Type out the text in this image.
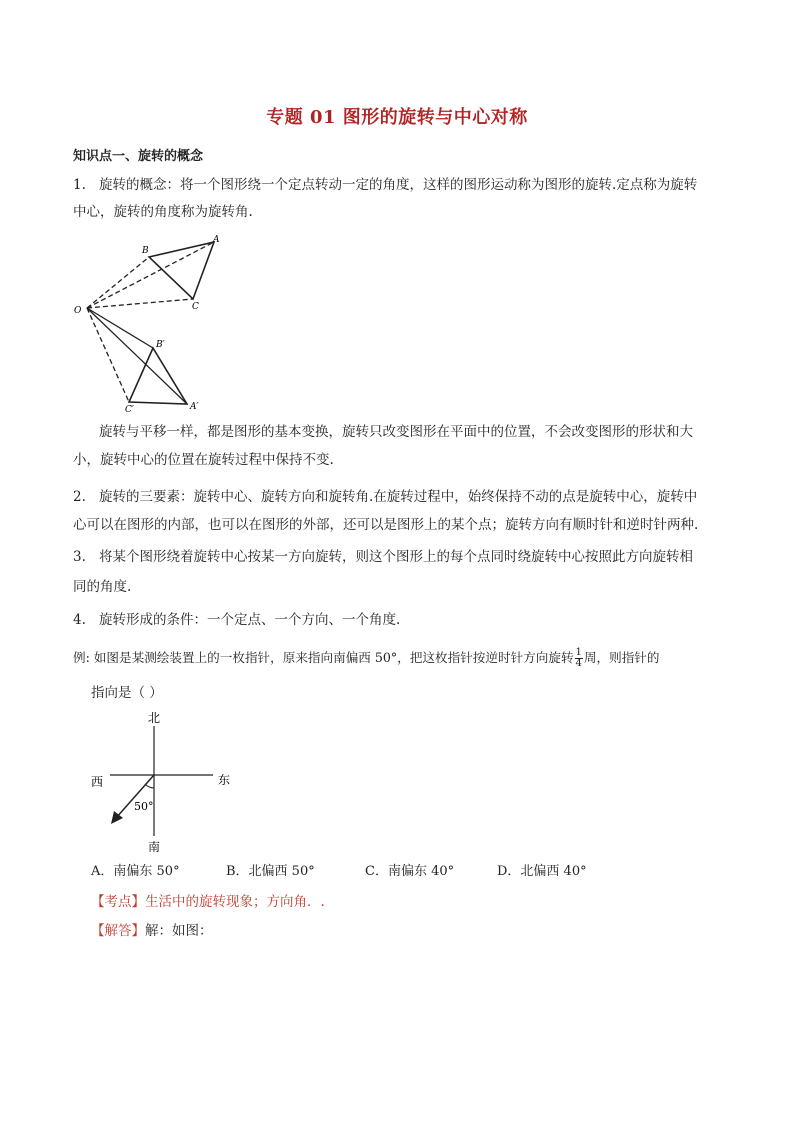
专题 01 图形的旋转与中心对称
知识点一、旋转的概念
1. 旋转的概念：将一个图形绕一个定点转动一定的角度，这样的图形运动称为图形的旋转.定点称为旋转
中心，旋转的角度称为旋转角.
O
B
A
C
B′
A′
C′
旋转与平移一样，都是图形的基本变换，旋转只改变图形在平面中的位置，不会改变图形的形状和大
小，旋转中心的位置在旋转过程中保持不变.
2. 旋转的三要素：旋转中心、旋转方向和旋转角.在旋转过程中，始终保持不动的点是旋转中心，旋转中
心可以在图形的内部，也可以在图形的外部，还可以是图形上的某个点；旋转方向有顺时针和逆时针两种.
3. 将某个图形绕着旋转中心按某一方向旋转，则这个图形上的每个点同时绕旋转中心按照此方向旋转相
同的角度.
4. 旋转形成的条件：一个定点、一个方向、一个角度.
例: 如图是某测绘装置上的一枚指针，原来指向南偏西 50°，把这枚指针按逆时针方向旋转 $\frac{1}{4}$ 周，则指针的
指向是（ ）
北
南
西	东
50°
A．南偏东 50°	B．北偏西 50°	C．南偏东 40°	D．北偏西 40°
【考点】生活中的旋转现象；方向角．.
【解答】解：如图：
